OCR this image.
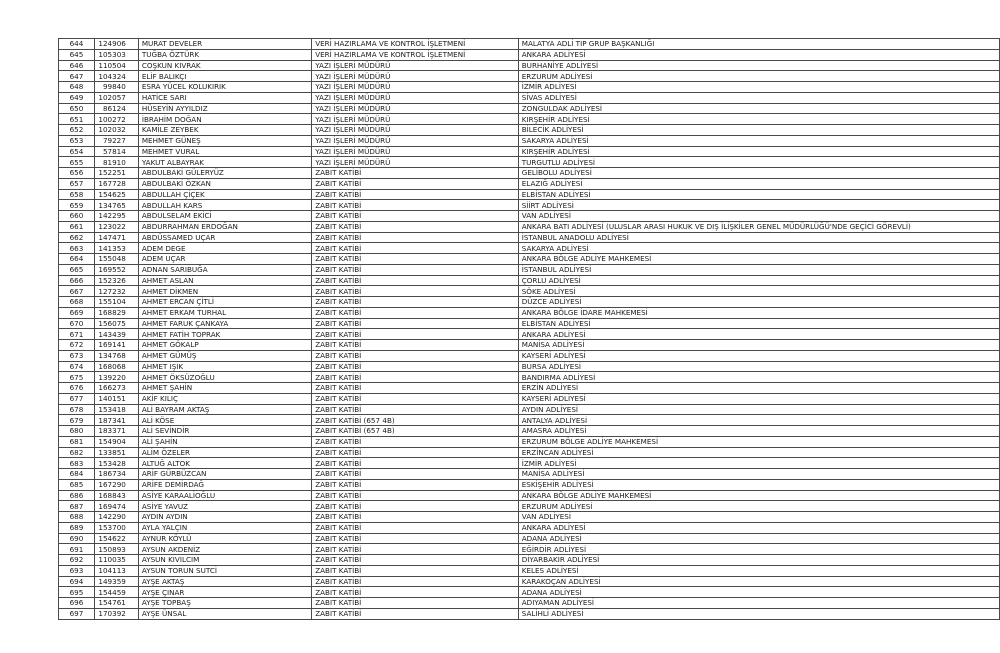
644	124906	MURAT DEVELER	VERİ HAZIRLAMA VE KONTROL İŞLETMENİ	MALATYA ADLİ TIP GRUP BAŞKANLIĞI
645	105303	TUĞBA ÖZTÜRK	VERİ HAZIRLAMA VE KONTROL İŞLETMENİ	ANKARA ADLİYESİ
646	110504	COŞKUN KIVRAK	YAZI İŞLERİ MÜDÜRÜ	BURHANİYE ADLİYESİ
647	104324	ELİF BALIKÇI	YAZI İŞLERİ MÜDÜRÜ	ERZURUM ADLİYESİ
648	99840	ESRA YÜCEL KOLUKIRIK	YAZI İŞLERİ MÜDÜRÜ	İZMİR ADLİYESİ
649	102057	HATİCE SARI	YAZI İŞLERİ MÜDÜRÜ	SİVAS ADLİYESİ
650	86124	HÜSEYİN AYYILDIZ	YAZI İŞLERİ MÜDÜRÜ	ZONGULDAK ADLİYESİ
651	100272	İBRAHİM DOĞAN	YAZI İŞLERİ MÜDÜRÜ	KIRŞEHİR ADLİYESİ
652	102032	KAMİLE ZEYBEK	YAZI İŞLERİ MÜDÜRÜ	BİLECİK ADLİYESİ
653	79227	MEHMET GÜNEŞ	YAZI İŞLERİ MÜDÜRÜ	SAKARYA ADLİYESİ
654	57814	MEHMET VURAL	YAZI İŞLERİ MÜDÜRÜ	KIRŞEHİR ADLİYESİ
655	81910	YAKUT ALBAYRAK	YAZI İŞLERİ MÜDÜRÜ	TURGUTLU ADLİYESİ
656	152251	ABDULBAKİ GÜLERYÜZ	ZABIT KATİBİ	GELİBOLU ADLİYESİ
657	167728	ABDULBAKİ ÖZKAN	ZABIT KATİBİ	ELAZIĞ ADLİYESİ
658	154625	ABDULLAH ÇİÇEK	ZABIT KATİBİ	ELBİSTAN ADLİYESİ
659	134765	ABDULLAH KARS	ZABIT KATİBİ	SİİRT ADLİYESİ
660	142295	ABDULSELAM EKİCİ	ZABIT KATİBİ	VAN ADLİYESİ
661	123022	ABDURRAHMAN ERDOĞAN	ZABIT KATİBİ	ANKARA BATI ADLİYESİ (ULUSLAR ARASI HUKUK VE DIŞ İLİŞKİLER GENEL MÜDÜRLÜĞÜ'NDE GEÇİCİ GÖREVLİ)
662	147471	ABDÜSSAMED UÇAR	ZABIT KATİBİ	İSTANBUL ANADOLU ADLİYESİ
663	141353	ADEM DEGE	ZABIT KATİBİ	SAKARYA ADLİYESİ
664	155048	ADEM UÇAR	ZABIT KATİBİ	ANKARA BÖLGE ADLİYE MAHKEMESİ
665	169552	ADNAN SARIBUĞA	ZABIT KATİBİ	İSTANBUL ADLİYESİ
666	152326	AHMET ASLAN	ZABIT KATİBİ	ÇORLU ADLİYESİ
667	127232	AHMET DİKMEN	ZABIT KATİBİ	SÖKE ADLİYESİ
668	155104	AHMET ERCAN ÇİTLİ	ZABIT KATİBİ	DÜZCE ADLİYESİ
669	168829	AHMET ERKAM TURHAL	ZABIT KATİBİ	ANKARA BÖLGE İDARE MAHKEMESİ
670	156075	AHMET FARUK ÇANKAYA	ZABIT KATİBİ	ELBİSTAN ADLİYESİ
671	143439	AHMET FATİH TOPRAK	ZABIT KATİBİ	ANKARA ADLİYESİ
672	169141	AHMET GÖKALP	ZABIT KATİBİ	MANİSA ADLİYESİ
673	134768	AHMET GÜMÜŞ	ZABIT KATİBİ	KAYSERİ ADLİYESİ
674	168068	AHMET IŞIK	ZABIT KATİBİ	BURSA ADLİYESİ
675	139220	AHMET ÖKSÜZOĞLU	ZABIT KATİBİ	BANDIRMA ADLİYESİ
676	166273	AHMET ŞAHİN	ZABIT KATİBİ	ERZİN ADLİYESİ
677	140151	AKİF KILIÇ	ZABIT KATİBİ	KAYSERİ ADLİYESİ
678	153418	ALİ BAYRAM AKTAŞ	ZABIT KATİBİ	AYDIN ADLİYESİ
679	187341	ALİ KÖSE	ZABIT KATİBİ (657 4B)	ANTALYA ADLİYESİ
680	183371	ALİ SEVİNDİR	ZABIT KATİBİ (657 4B)	AMASRA ADLİYESİ
681	154904	ALİ ŞAHİN	ZABIT KATİBİ	ERZURUM BÖLGE ADLİYE MAHKEMESİ
682	133851	ALİM ÖZELER	ZABIT KATİBİ	ERZİNCAN ADLİYESİ
683	153428	ALTUĞ ALTOK	ZABIT KATİBİ	İZMİR ADLİYESİ
684	186734	ARİF GÜRBÜZCAN	ZABIT KATİBİ	MANİSA ADLİYESİ
685	167290	ARİFE DEMİRDAĞ	ZABIT KATİBİ	ESKİŞEHİR ADLİYESİ
686	168843	ASİYE KARAALİOĞLU	ZABIT KATİBİ	ANKARA BÖLGE ADLİYE MAHKEMESİ
687	169474	ASİYE YAVUZ	ZABIT KATİBİ	ERZURUM ADLİYESİ
688	142290	AYDIN AYDIN	ZABIT KATİBİ	VAN ADLİYESİ
689	153700	AYLA YALÇIN	ZABIT KATİBİ	ANKARA ADLİYESİ
690	154622	AYNUR KÖYLÜ	ZABIT KATİBİ	ADANA ADLİYESİ
691	150893	AYSUN AKDENİZ	ZABIT KATİBİ	EĞİRDİR ADLİYESİ
692	110035	AYSUN KIVILCIM	ZABIT KATİBİ	DİYARBAKIR ADLİYESİ
693	104113	AYSUN TORUN SUTCİ	ZABIT KATİBİ	KELES ADLİYESİ
694	149359	AYŞE AKTAŞ	ZABIT KATİBİ	KARAKOÇAN ADLİYESİ
695	154459	AYŞE ÇINAR	ZABIT KATİBİ	ADANA ADLİYESİ
696	154761	AYŞE TOPBAŞ	ZABIT KATİBİ	ADIYAMAN ADLİYESİ
697	170392	AYŞE ÜNSAL	ZABIT KATİBİ	SALİHLİ ADLİYESİ
